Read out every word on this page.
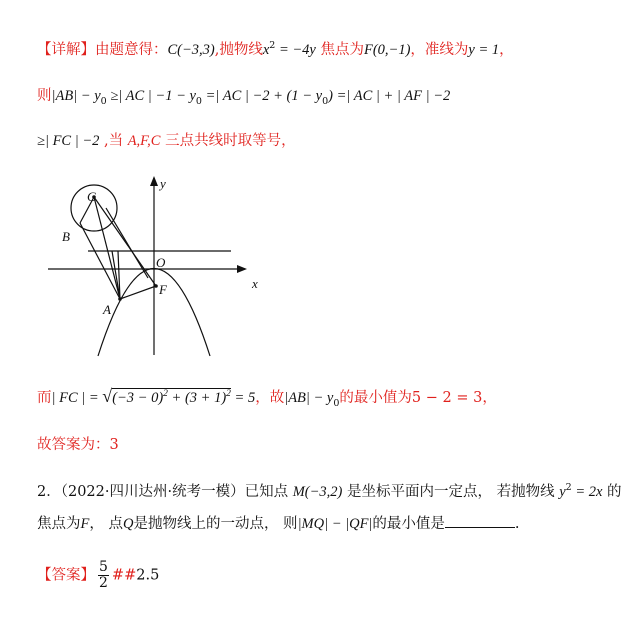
【详解】由题意得：C(−3,3),抛物线$x^2 = -4y$ 焦点为F(0,−1)，准线为y = 1，
则$|AB| - y_0$ ≥| AC | $-1 - y_0$ =| AC | $-2 + (1 - y_0)$ =| AC | + | AF | −2
≥| FC | −2 ,当 A,F,C 三点共线时取等号，
y
x
C
B
O
F
A
而| FC | = $√(-3 - 0)^2 + (3 + 1)^2 = 5$，故$|AB| - y_0$的最小值为5 − 2 = 3，
故答案为：3
2．（2022·四川达州·统考一模）已知点 M(−3,2) 是坐标平面内一定点， 若抛物线 $y^2 = 2x$ 的
焦点为F， 点Q是抛物线上的一动点， 则|MQ| − |QF|的最小值是	.
【答案】 $\frac{5}{2}$ ##2.5
